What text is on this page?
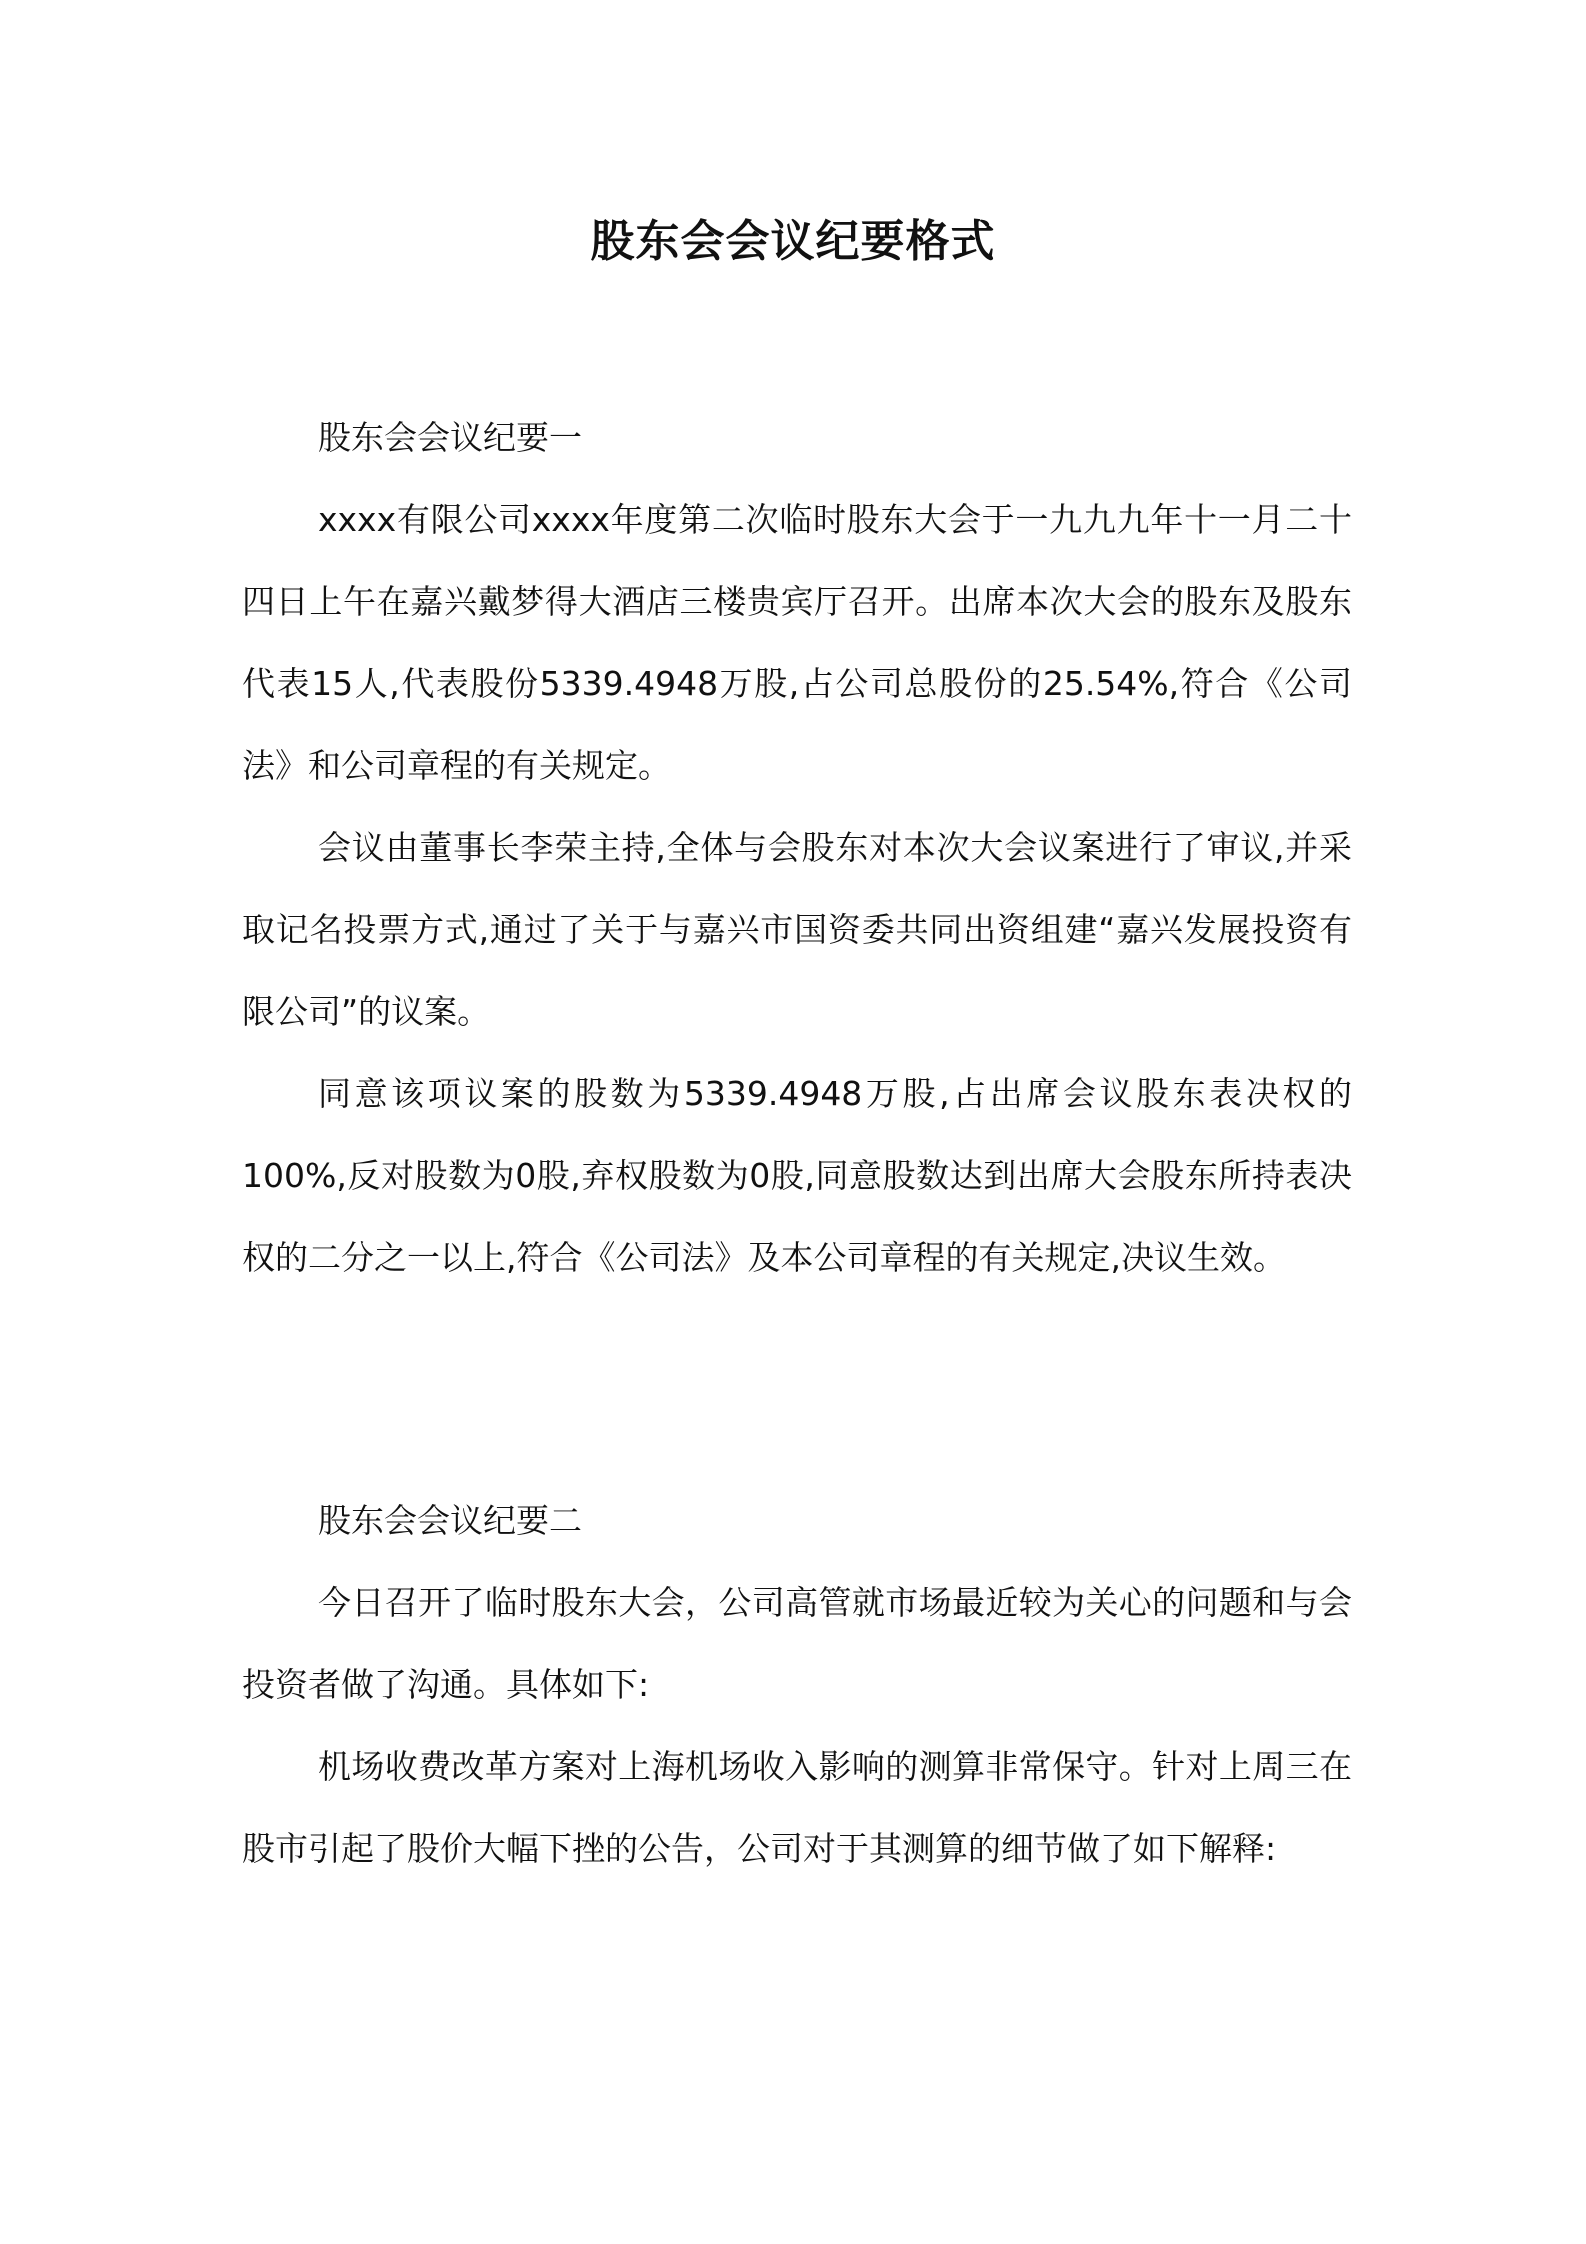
股东会会议纪要格式

股东会会议纪要一

xxxx有限公司xxxx年度第二次临时股东大会于一九九九年十一月二十四日上午在嘉兴戴梦得大酒店三楼贵宾厅召开。出席本次大会的股东及股东代表15人,代表股份5339.4948万股,占公司总股份的25.54%,符合《公司法》和公司章程的有关规定。

会议由董事长李荣主持,全体与会股东对本次大会议案进行了审议,并采取记名投票方式,通过了关于与嘉兴市国资委共同出资组建“嘉兴发展投资有限公司”的议案。

同意该项议案的股数为5339.4948万股,占出席会议股东表决权的100%,反对股数为0股,弃权股数为0股,同意股数达到出席大会股东所持表决权的二分之一以上,符合《公司法》及本公司章程的有关规定,决议生效。

股东会会议纪要二

今日召开了临时股东大会，公司高管就市场最近较为关心的问题和与会投资者做了沟通。具体如下:

机场收费改革方案对上海机场收入影响的测算非常保守。针对上周三在股市引起了股价大幅下挫的公告，公司对于其测算的细节做了如下解释:
